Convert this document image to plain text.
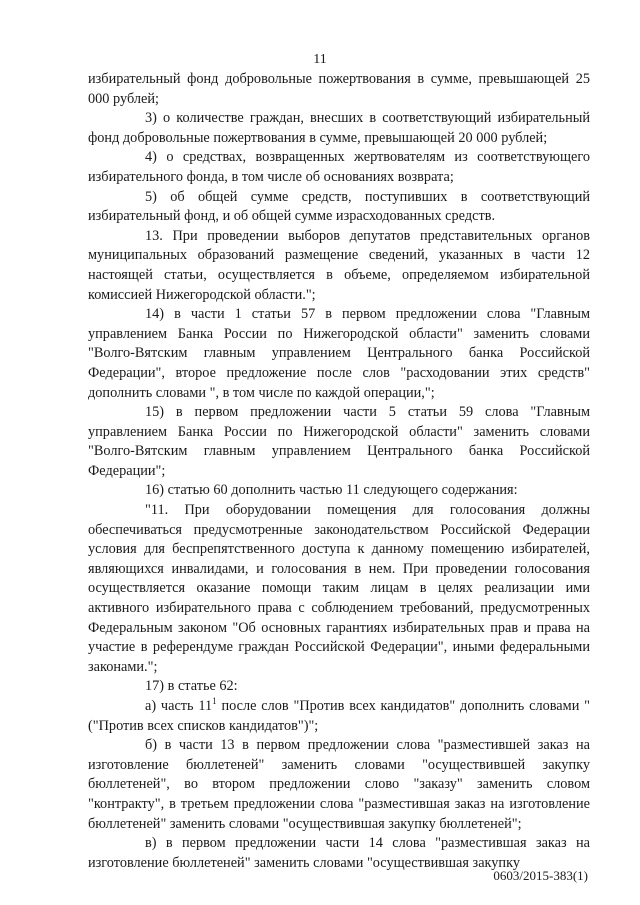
11

избирательный фонд добровольные пожертвования в сумме, превышающей 25 000 рублей;

3) о количестве граждан, внесших в соответствующий избирательный фонд добровольные пожертвования в сумме, превышающей 20 000 рублей;

4) о средствах, возвращенных жертвователям из соответствующего избирательного фонда, в том числе об основаниях возврата;

5) об общей сумме средств, поступивших в соответствующий избирательный фонд, и об общей сумме израсходованных средств.

13. При проведении выборов депутатов представительных органов муниципальных образований размещение сведений, указанных в части 12 настоящей статьи, осуществляется в объеме, определяемом избирательной комиссией Нижегородской области.";

14) в части 1 статьи 57 в первом предложении слова "Главным управлением Банка России по Нижегородской области" заменить словами "Волго-Вятским главным управлением Центрального банка Российской Федерации", второе предложение после слов "расходовании этих средств" дополнить словами ", в том числе по каждой операции,";

15) в первом предложении части 5 статьи 59 слова "Главным управлением Банка России по Нижегородской области" заменить словами "Волго-Вятским главным управлением Центрального банка Российской Федерации";

16) статью 60 дополнить частью 11 следующего содержания:

"11. При оборудовании помещения для голосования должны обеспечиваться предусмотренные законодательством Российской Федерации условия для беспрепятственного доступа к данному помещению избирателей, являющихся инвалидами, и голосования в нем. При проведении голосования осуществляется оказание помощи таким лицам в целях реализации ими активного избирательного права с соблюдением требований, предусмотренных Федеральным законом "Об основных гарантиях избирательных прав и права на участие в референдуме граждан Российской Федерации", иными федеральными законами.";

17) в статье 62:

а) часть $11^1$ после слов "Против всех кандидатов" дополнить словами "("Против всех списков кандидатов")";

б) в части 13 в первом предложении слова "разместившей заказ на изготовление бюллетеней" заменить словами "осуществившей закупку бюллетеней", во втором предложении слово "заказу" заменить словом "контракту", в третьем предложении слова "разместившая заказ на изготовление бюллетеней" заменить словами "осуществившая закупку бюллетеней";

в) в первом предложении части 14 слова "разместившая заказ на изготовление бюллетеней" заменить словами "осуществившая закупку

0603/2015-383(1)
